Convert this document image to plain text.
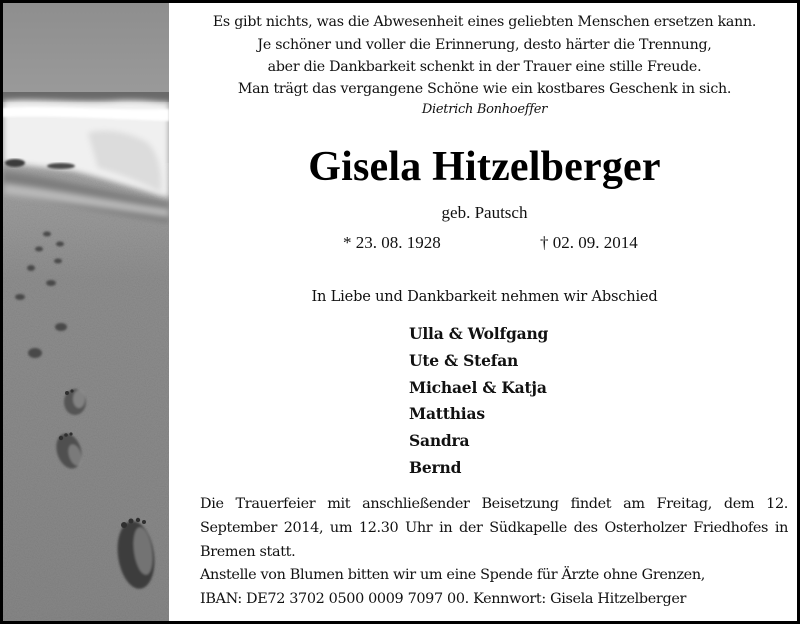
Es gibt nichts, was die Abwesenheit eines geliebten Menschen ersetzen kann.
Je schöner und voller die Erinnerung, desto härter die Trennung,
aber die Dankbarkeit schenkt in der Trauer eine stille Freude.
Man trägt das vergangene Schöne wie ein kostbares Geschenk in sich.
Dietrich Bonhoeffer
Gisela Hitzelberger
geb. Pautsch
* 23. 08. 1928	† 02. 09. 2014
In Liebe und Dankbarkeit nehmen wir Abschied
Ulla & Wolfgang
Ute & Stefan
Michael & Katja
Matthias
Sandra
Bernd

Die Trauerfeier mit anschließender Beisetzung findet am Freitag, dem 12. September 2014, um 12.30 Uhr in der Südkapelle des Osterholzer Friedhofes in Bremen statt.

Anstelle von Blumen bitten wir um eine Spende für Ärzte ohne Grenzen,

IBAN: DE72 3702 0500 0009 7097 00. Kennwort: Gisela Hitzelberger
